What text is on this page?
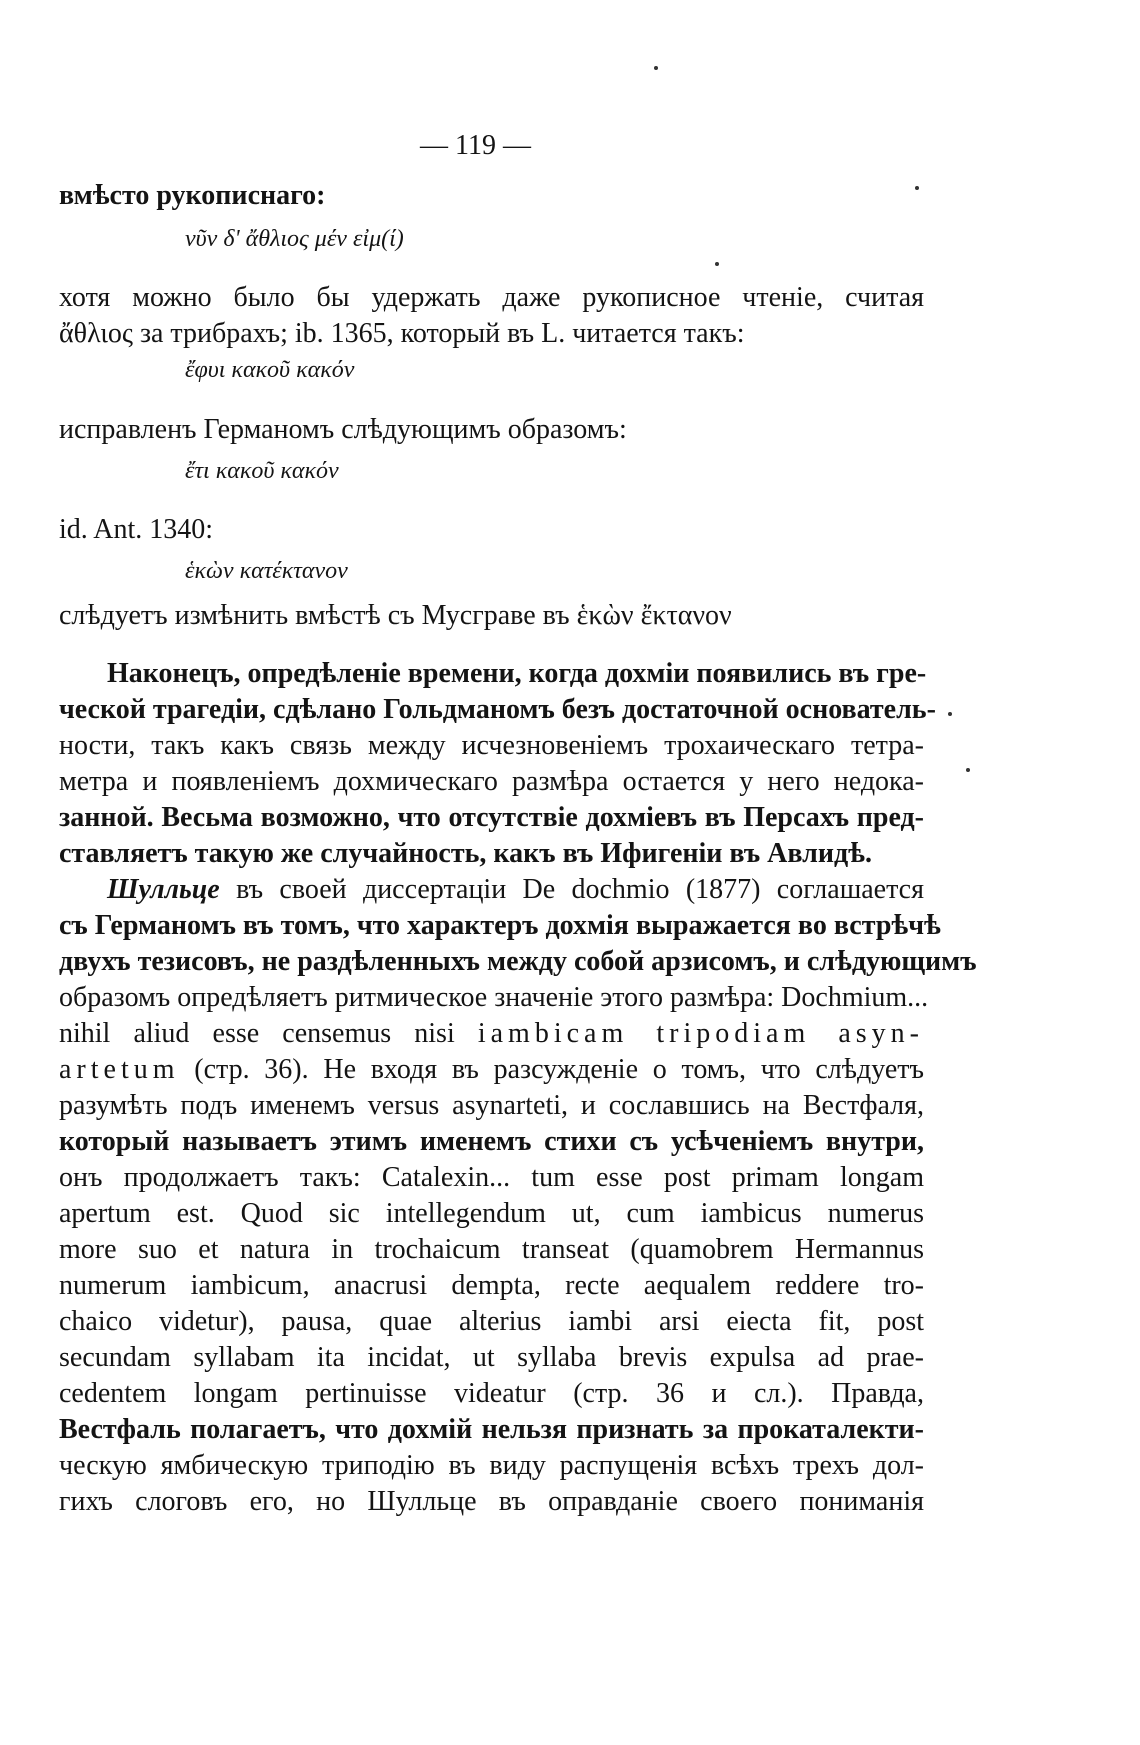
— 119 —
вмѣсто рукописнаго:
νῦν δ' ἄθλιος μέν εἰμ(ί)
хотя можно было бы удержать даже рукописное чтеніе, считая
ἄθλιος за трибрахъ; ib. 1365, который въ L. читается такъ:
ἔφυι κακοῦ κακόν
исправленъ Германомъ слѣдующимъ образомъ:
ἔτι κακοῦ κακόν
id. Ant. 1340:
ἑκὼν κατέκτανον
слѣдуетъ измѣнить вмѣстѣ съ Мусграве въ ἑκὼν ἔκτανον
Наконецъ, опредѣленіе времени, когда дохміи появились въ гре-
ческой трагедіи, сдѣлано Гольдманомъ безъ достаточной основатель-
ности, такъ какъ связь между исчезновеніемъ трохаическаго тетра-
метра и появленіемъ дохмическаго размѣра остается у него недока-
занной. Весьма возможно, что отсутствіе дохміевъ въ Персахъ пред-
ставляетъ такую же случайность, какъ въ Ифигеніи въ Авлидѣ.
Шулльце въ своей диссертаціи De dochmio (1877) соглашается
съ Германомъ въ томъ, что характеръ дохмія выражается во встрѣчѣ
двухъ тезисовъ, не раздѣленныхъ между собой арзисомъ, и слѣдующимъ
образомъ опредѣляетъ ритмическое значеніе этого размѣра: Dochmium...
nihil aliud esse censemus nisi iambicam tripodiam asyn-
artetum (стр. 36). Не входя въ разсужденіе о томъ, что слѣдуетъ
разумѣть подъ именемъ versus asynarteti, и сославшись на Вестфаля,
который называетъ этимъ именемъ стихи съ усѣченіемъ внутри,
онъ продолжаетъ такъ: Catalexin... tum esse post primam longam
apertum est. Quod sic intellegendum ut, cum iambicus numerus
more suo et natura in trochaicum transeat (quamobrem Hermannus
numerum iambicum, anacrusi dempta, recte aequalem reddere tro-
chaico videtur), pausa, quae alterius iambi arsi eiecta fit, post
secundam syllabam ita incidat, ut syllaba brevis expulsa ad prae-
cedentem longam pertinuisse videatur (стр. 36 и сл.). Правда,
Вестфаль полагаетъ, что дохмій нельзя признать за прокаталекти-
ческую ямбическую триподію въ виду распущенія всѣхъ трехъ дол-
гихъ слоговъ его, но Шулльце въ оправданіе своего пониманія
